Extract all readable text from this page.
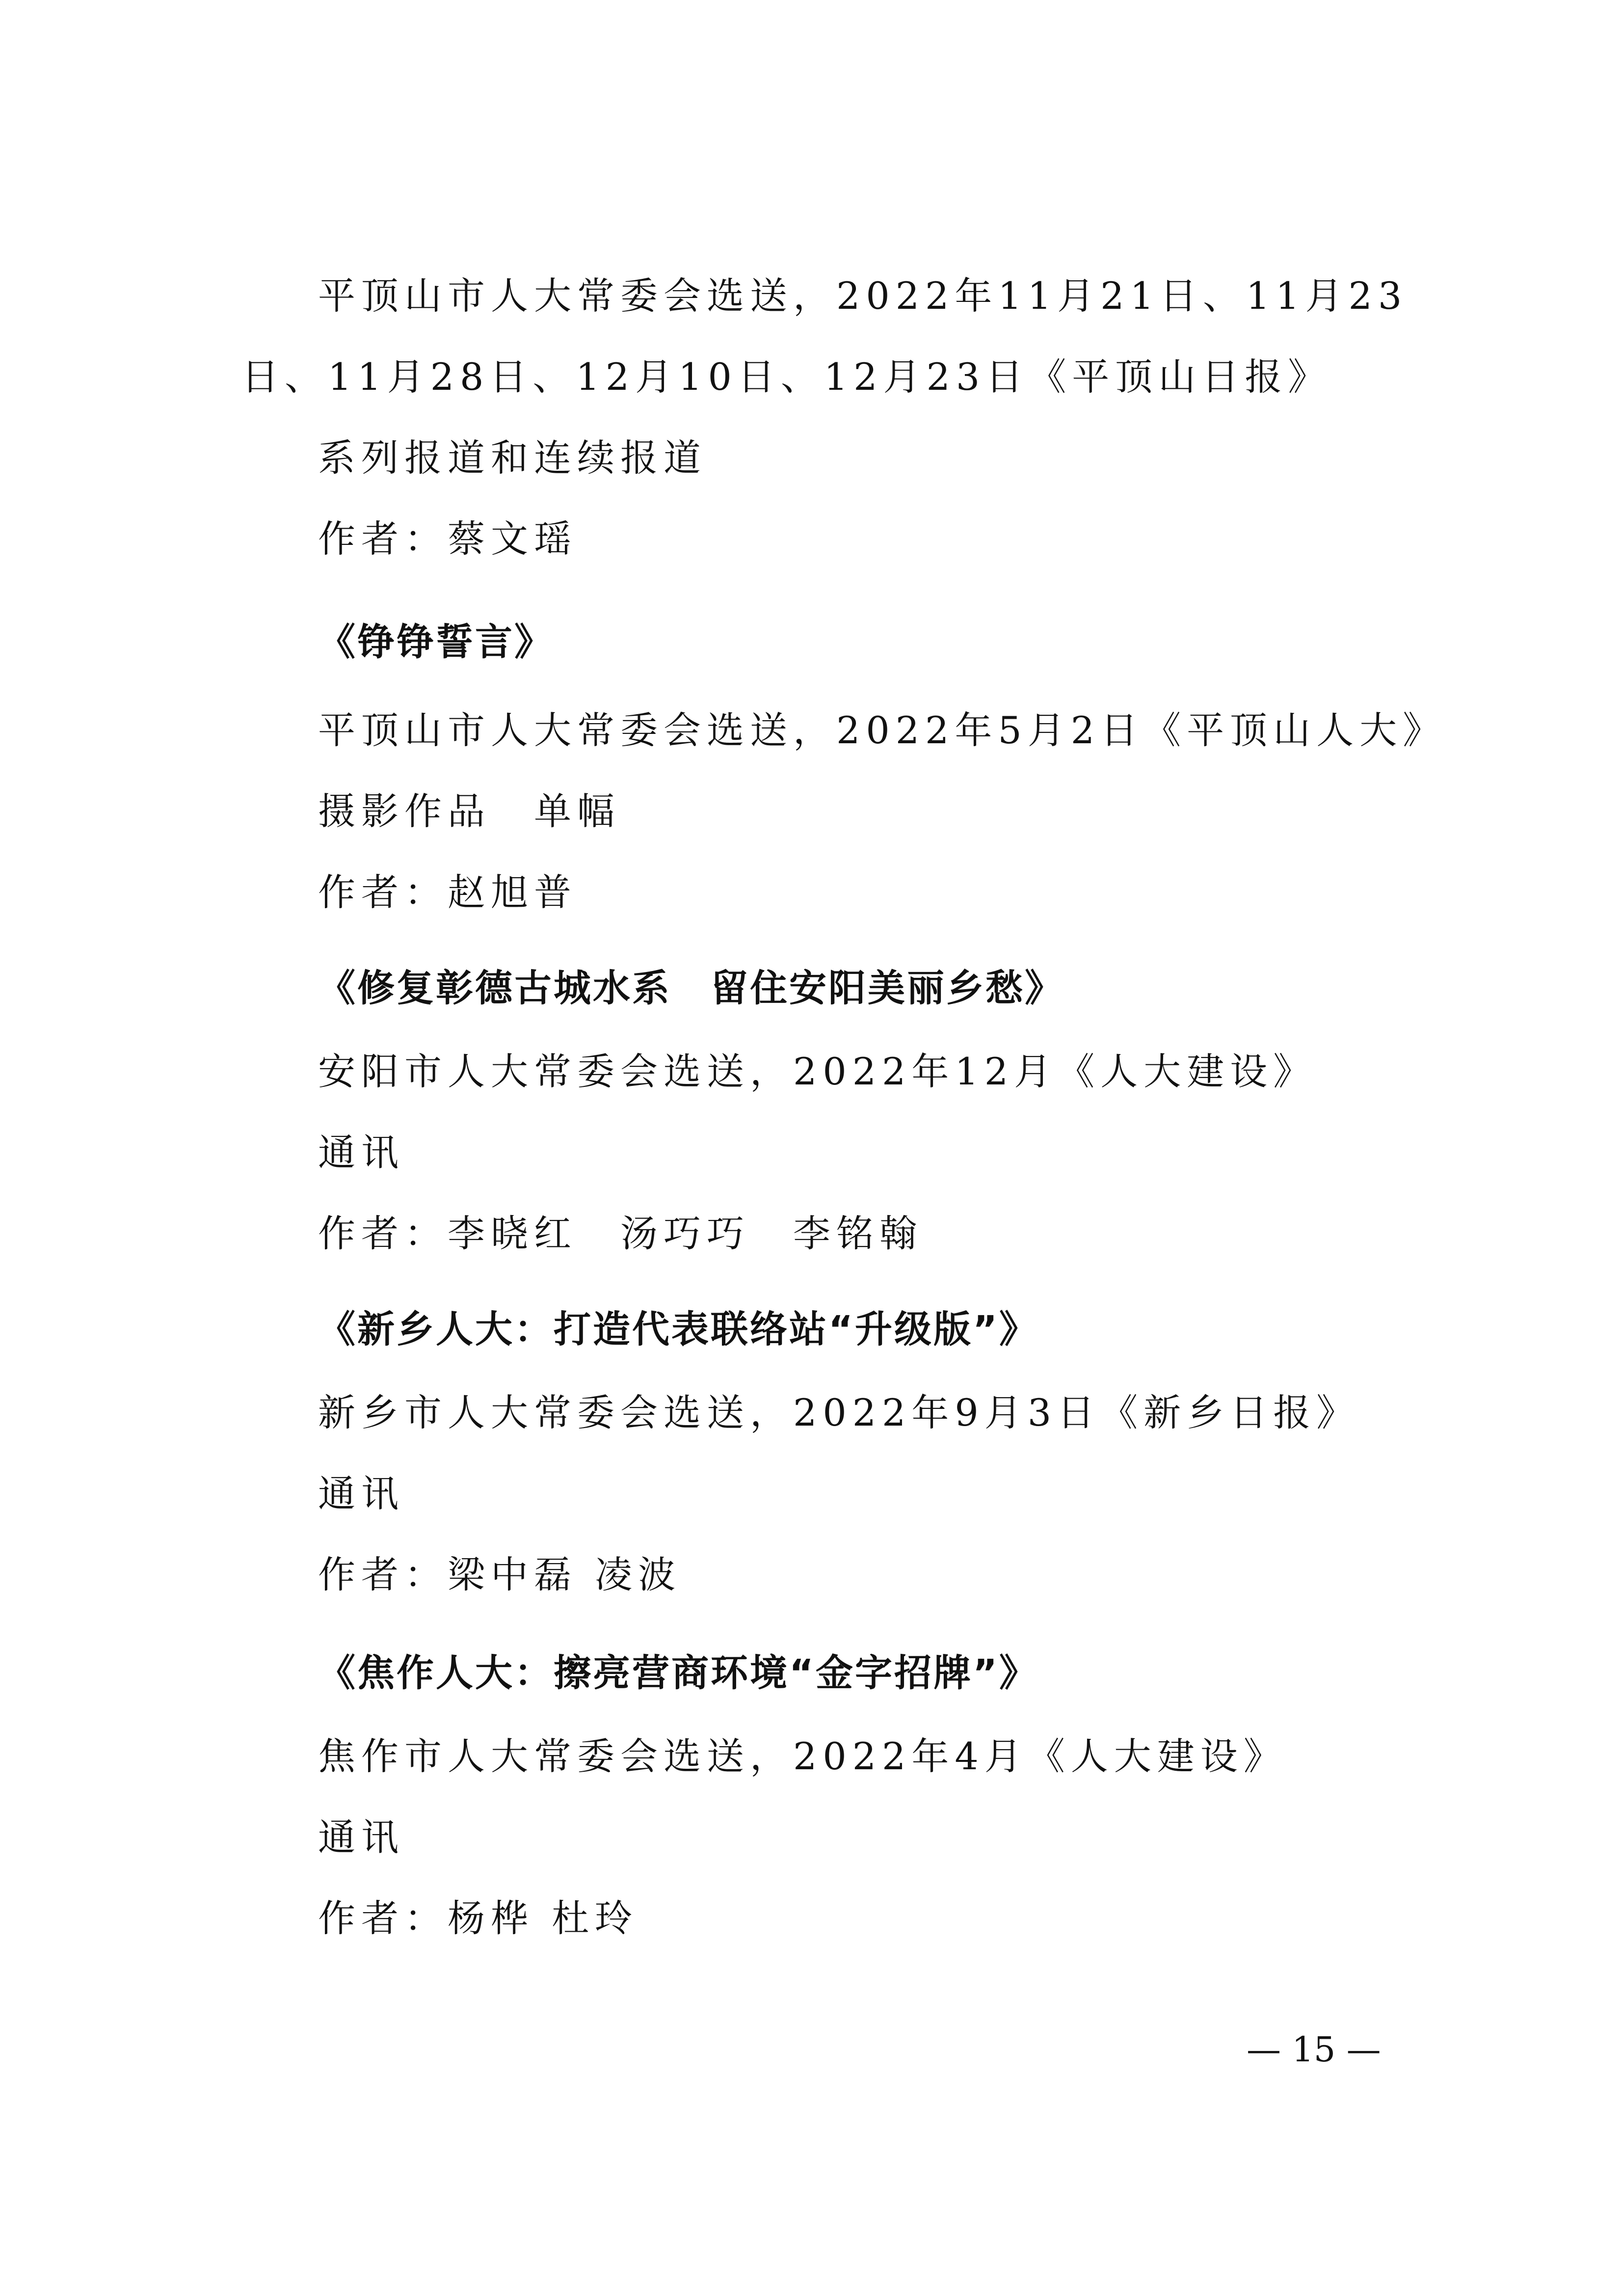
平顶山市人大常委会选送，2022年11月21日、11月23
日、11月28日、12月10日、12月23日《平顶山日报》
系列报道和连续报道
作者：蔡文瑶
《铮铮誓言》
平顶山市人大常委会选送，2022年5月2日《平顶山人大》
摄影作品　单幅
作者：赵旭普
《修复彰德古城水系　留住安阳美丽乡愁》
安阳市人大常委会选送，2022年12月《人大建设》
通讯
作者：李晓红　汤巧巧　李铭翰
《新乡人大：打造代表联络站“升级版”》
新乡市人大常委会选送，2022年9月3日《新乡日报》
通讯
作者：梁中磊 凌波
《焦作人大：擦亮营商环境“金字招牌”》
焦作市人大常委会选送，2022年4月《人大建设》
通讯
作者：杨桦 杜玲
— 15 —
